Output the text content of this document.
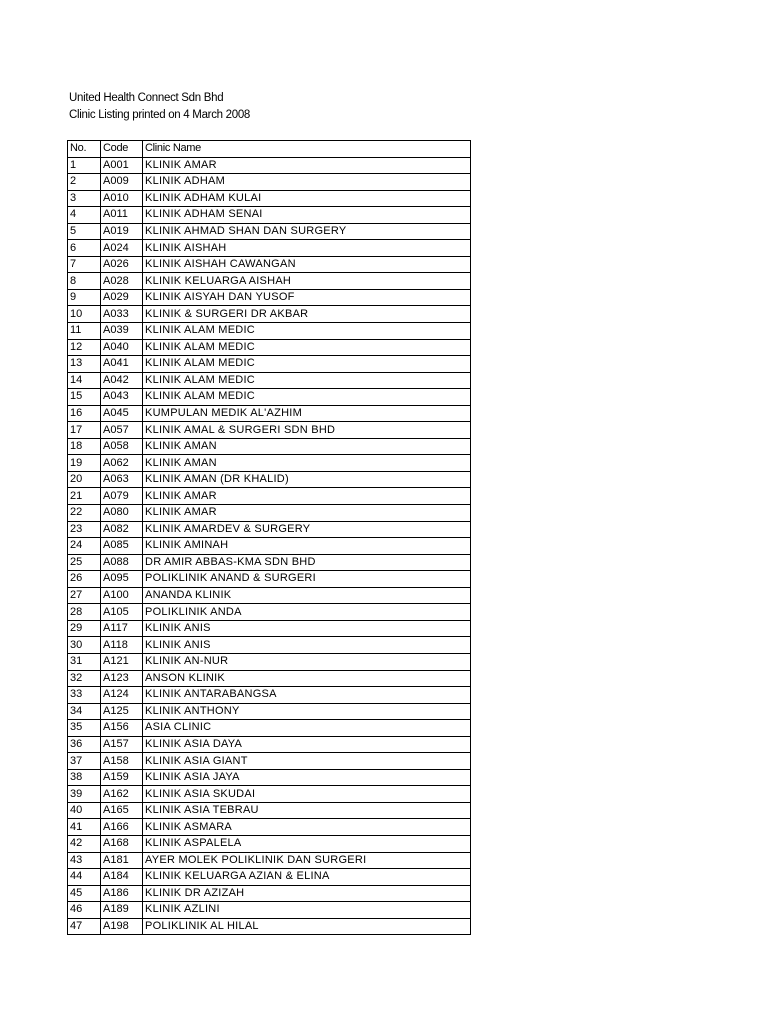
United Health Connect Sdn Bhd
Clinic Listing printed on 4 March 2008
No.	Code	Clinic Name
1	A001	KLINIK AMAR
2	A009	KLINIK ADHAM
3	A010	KLINIK ADHAM KULAI
4	A011	KLINIK ADHAM SENAI
5	A019	KLINIK AHMAD SHAN DAN SURGERY
6	A024	KLINIK AISHAH
7	A026	KLINIK AISHAH CAWANGAN
8	A028	KLINIK KELUARGA AISHAH
9	A029	KLINIK AISYAH DAN YUSOF
10	A033	KLINIK & SURGERI DR AKBAR
11	A039	KLINIK ALAM MEDIC
12	A040	KLINIK ALAM MEDIC
13	A041	KLINIK ALAM MEDIC
14	A042	KLINIK ALAM MEDIC
15	A043	KLINIK ALAM MEDIC
16	A045	KUMPULAN MEDIK AL'AZHIM
17	A057	KLINIK AMAL & SURGERI SDN BHD
18	A058	KLINIK AMAN
19	A062	KLINIK AMAN
20	A063	KLINIK AMAN (DR KHALID)
21	A079	KLINIK AMAR
22	A080	KLINIK AMAR
23	A082	KLINIK AMARDEV & SURGERY
24	A085	KLINIK AMINAH
25	A088	DR AMIR ABBAS-KMA SDN BHD
26	A095	POLIKLINIK ANAND & SURGERI
27	A100	ANANDA KLINIK
28	A105	POLIKLINIK ANDA
29	A117	KLINIK ANIS
30	A118	KLINIK ANIS
31	A121	KLINIK AN-NUR
32	A123	ANSON KLINIK
33	A124	KLINIK ANTARABANGSA
34	A125	KLINIK ANTHONY
35	A156	ASIA CLINIC
36	A157	KLINIK ASIA DAYA
37	A158	KLINIK ASIA GIANT
38	A159	KLINIK ASIA JAYA
39	A162	KLINIK ASIA SKUDAI
40	A165	KLINIK ASIA TEBRAU
41	A166	KLINIK ASMARA
42	A168	KLINIK ASPALELA
43	A181	AYER MOLEK POLIKLINIK DAN SURGERI
44	A184	KLINIK KELUARGA AZIAN & ELINA
45	A186	KLINIK DR AZIZAH
46	A189	KLINIK AZLINI
47	A198	POLIKLINIK AL HILAL
